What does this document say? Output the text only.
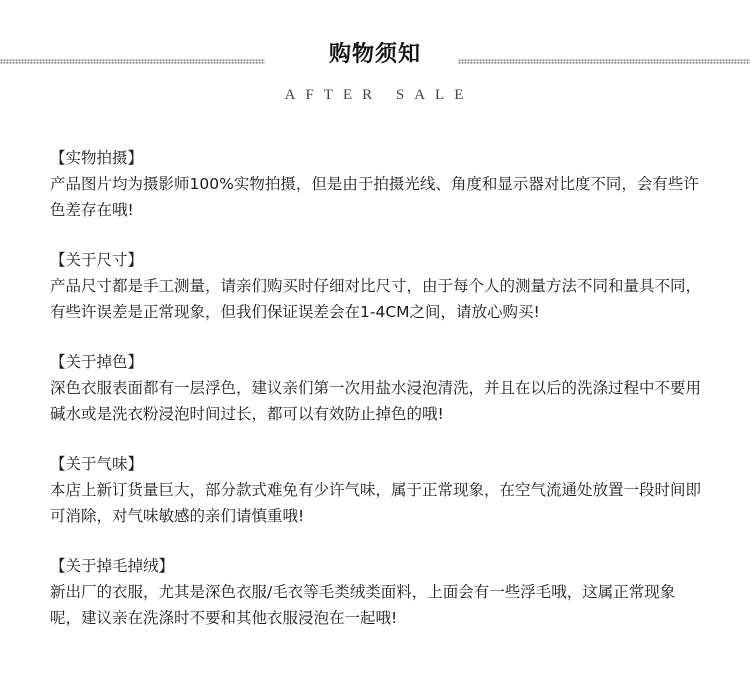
购物须知
AFTER SALE
【实物拍摄】
产品图片均为摄影师100%实物拍摄，但是由于拍摄光线、角度和显示器对比度不同，会有些许色差存在哦!
【关于尺寸】
产品尺寸都是手工测量，请亲们购买时仔细对比尺寸，由于每个人的测量方法不同和量具不同，有些许误差是正常现象，但我们保证误差会在1-4CM之间，请放心购买!
【关于掉色】
深色衣服表面都有一层浮色，建议亲们第一次用盐水浸泡清洗，并且在以后的洗涤过程中不要用碱水或是洗衣粉浸泡时间过长，都可以有效防止掉色的哦!
【关于气味】
本店上新订货量巨大，部分款式难免有少许气味，属于正常现象，在空气流通处放置一段时间即可消除，对气味敏感的亲们请慎重哦!
【关于掉毛掉绒】
新出厂的衣服，尤其是深色衣服/毛衣等毛类绒类面料，上面会有一些浮毛哦，这属正常现象呢，建议亲在洗涤时不要和其他衣服浸泡在一起哦!
